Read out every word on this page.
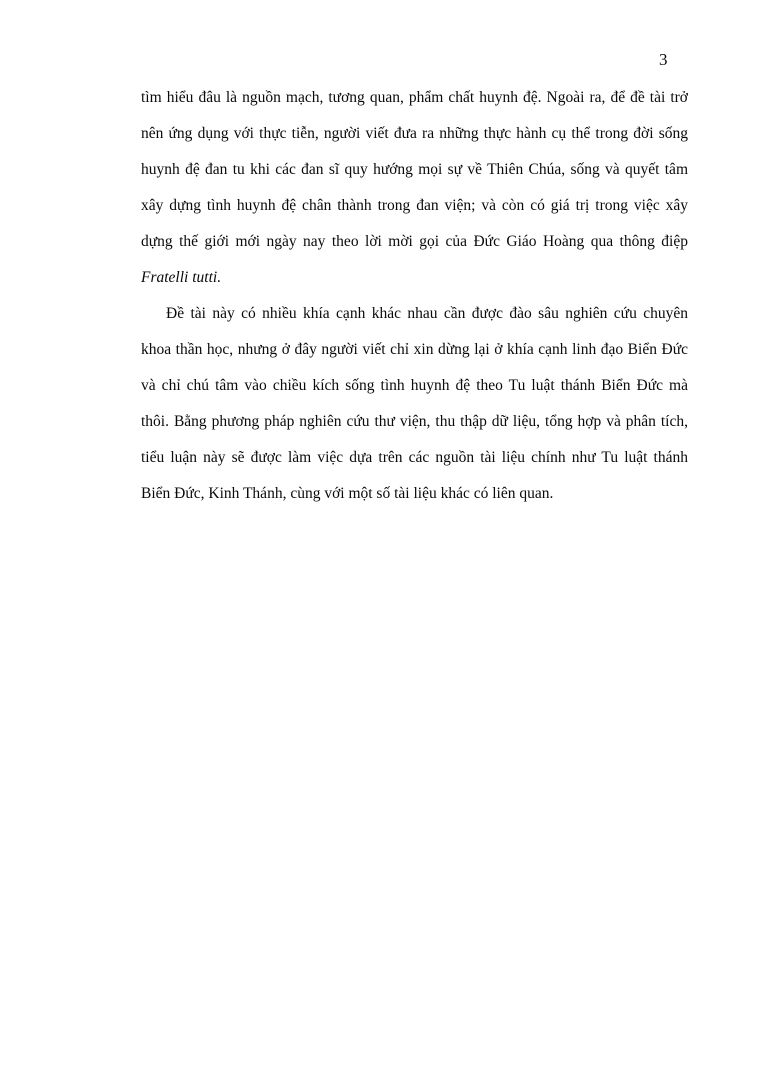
3
tìm hiểu đâu là nguồn mạch, tương quan, phẩm chất huynh đệ. Ngoài ra, để đề tài trở
nên ứng dụng với thực tiễn, người viết đưa ra những thực hành cụ thể trong đời sống
huynh đệ đan tu khi các đan sĩ quy hướng mọi sự về Thiên Chúa, sống và quyết tâm
xây dựng tình huynh đệ chân thành trong đan viện; và còn có giá trị trong việc xây
dựng thế giới mới ngày nay theo lời mời gọi của Đức Giáo Hoàng qua thông điệp
Fratelli tutti.
Đề tài này có nhiều khía cạnh khác nhau cần được đào sâu nghiên cứu chuyên
khoa thần học, nhưng ở đây người viết chỉ xin dừng lại ở khía cạnh linh đạo Biển Đức
và chỉ chú tâm vào chiều kích sống tình huynh đệ theo Tu luật thánh Biển Đức mà
thôi. Bằng phương pháp nghiên cứu thư viện, thu thập dữ liệu, tổng hợp và phân tích,
tiểu luận này sẽ được làm việc dựa trên các nguồn tài liệu chính như Tu luật thánh
Biển Đức, Kinh Thánh, cùng với một số tài liệu khác có liên quan.
